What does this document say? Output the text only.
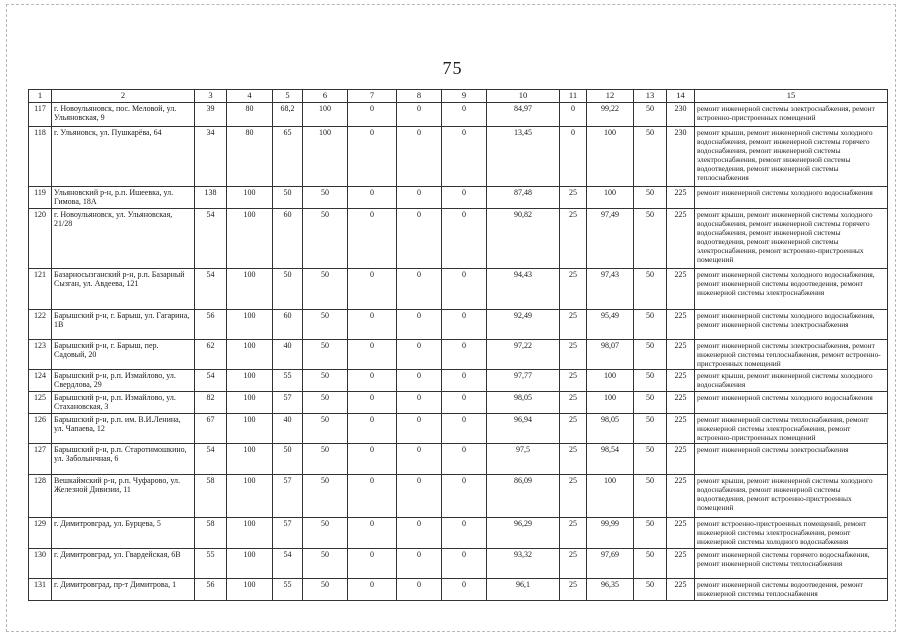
75
1	2	3	4	5	6	7	8	9	10	11	12	13	14	15
117	г. Новоульяновск, пос. Меловой, ул. Ульяновская, 9	39	80	68,2	100	0	0	0	84,97	0	99,22	50	230	ремонт инженерной системы электроснабжения, ремонт встроенно-пристроенных помещений
118	г. Ульяновск, ул. Пушкарёва, 64	34	80	65	100	0	0	0	13,45	0	100	50	230	ремонт крыши, ремонт инженерной системы холодного водоснабжения, ремонт инженерной системы горячего водоснабжения, ремонт инженерной системы электроснабжения, ремонт инженерной системы водоотведения, ремонт инженерной системы теплоснабжения
119	Ульяновский р-н, р.п. Ишеевка, ул. Гимова, 18А	138	100	50	50	0	0	0	87,48	25	100	50	225	ремонт инженерной системы холодного водоснабжения
120	г. Новоульяновск, ул. Ульяновская, 21/28	54	100	60	50	0	0	0	90,82	25	97,49	50	225	ремонт крыши, ремонт инженерной системы холодного водоснабжения, ремонт инженерной системы горячего водоснабжения, ремонт инженерной системы водоотведения, ремонт инженерной системы электроснабжения, ремонт встроенно-пристроенных помещений
121	Базарносызганский р-н, р.п. Базарный Сызган, ул. Авдеева, 121	54	100	50	50	0	0	0	94,43	25	97,43	50	225	ремонт инженерной системы холодного водоснабжения, ремонт инженерной системы водоотведения, ремонт инженерной системы электроснабжения
122	Барышский р-н, г. Барыш, ул. Гагарина, 1В	56	100	60	50	0	0	0	92,49	25	95,49	50	225	ремонт инженерной системы холодного водоснабжения, ремонт инженерной системы электроснабжения
123	Барышский р-н, г. Барыш, пер. Садовый, 20	62	100	40	50	0	0	0	97,22	25	98,07	50	225	ремонт инженерной системы электроснабжения, ремонт инженерной системы теплоснабжения, ремонт встроенно-пристроенных помещений
124	Барышский р-н, р.п. Измайлово, ул. Свердлова, 29	54	100	55	50	0	0	0	97,77	25	100	50	225	ремонт крыши, ремонт инженерной системы холодного водоснабжения
125	Барышский р-н, р.п. Измайлово, ул. Стахановская, 3	82	100	57	50	0	0	0	98,05	25	100	50	225	ремонт инженерной системы холодного водоснабжения
126	Барышский р-н, р.п. им. В.И.Ленина, ул. Чапаева, 12	67	100	40	50	0	0	0	96,94	25	98,05	50	225	ремонт инженерной системы теплоснабжения, ремонт инженерной системы электроснабжения, ремонт встроенно-пристроенных помещений
127	Барышский р-н, р.п. Старотимошкино, ул. Заболынчная, 6	54	100	50	50	0	0	0	97,5	25	98,54	50	225	ремонт инженерной системы электроснабжения
128	Вешкаймский р-н, р.п. Чуфарово, ул. Железной Дивизии, 11	58	100	57	50	0	0	0	86,09	25	100	50	225	ремонт крыши, ремонт инженерной системы холодного водоснабжения, ремонт инженерной системы водоотведения, ремонт встроенно-пристроенных помещений
129	г. Димитровград, ул. Бурцева, 5	58	100	57	50	0	0	0	96,29	25	99,99	50	225	ремонт встроенно-пристроенных помещений, ремонт инженерной системы электроснабжения, ремонт инженерной системы холодного водоснабжения
130	г. Димитровград, ул. Гвардейская, 6В	55	100	54	50	0	0	0	93,32	25	97,69	50	225	ремонт инженерной системы горячего водоснабжения, ремонт инженерной системы теплоснабжения
131	г. Димитровград, пр-т Димитрова, 1	56	100	55	50	0	0	0	96,1	25	96,35	50	225	ремонт инженерной системы водоотведения, ремонт инженерной системы теплоснабжения
